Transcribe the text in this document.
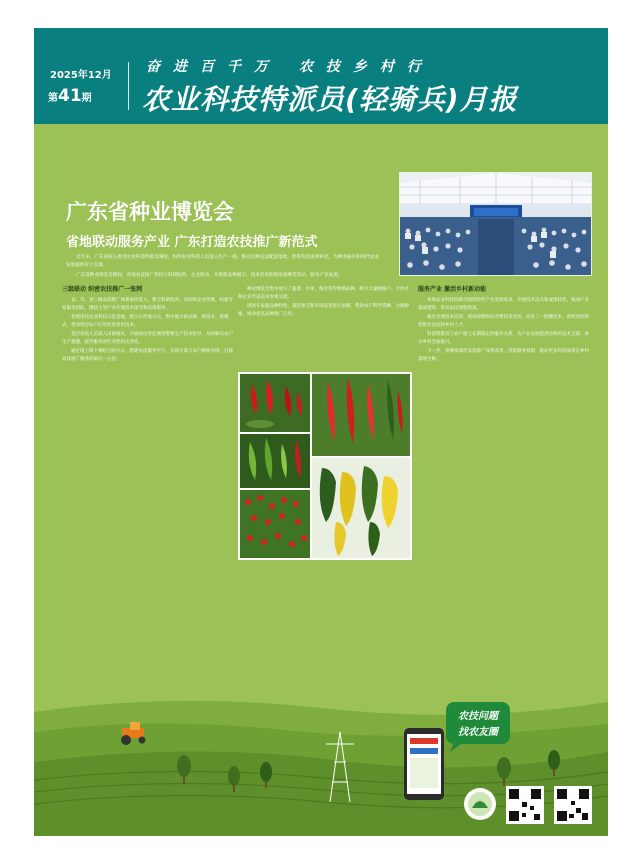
2025年12月
第41期
奋进百千万 农技乡村行
农业科技特派员(轻骑兵)月报
广东省种业博览会
省地联动服务产业 广东打造农技推广新范式

近年来，广东省深入推进农业科技特派员制度，组织农业科技人员深入生产一线，推动良种良法配套落地，促进科技成果转化，为种业振兴和现代农业发展提供有力支撑。

广东省种业博览会期间，各地农技推广机构与科研院所、企业联动，开展新品种展示、技术咨询和现场观摩等活动，服务产业发展。

三级联动 织密农技推广一张网

省、市、县三级农技推广体系协同发力，整合科研院所、高校和企业资源，组建专家服务团队，围绕主导产业开展技术指导和培训服务。

各地依托农业科技示范基地，建立示范展示点，集中展示新品种、新技术、新模式，带动周边农户应用先进适用技术。

基层农技人员深入田间地头，开展病虫害监测预警和生产技术指导，及时解决农户生产难题，提升服务的针对性和实效性。

通过线上线下相结合的方式，搭建农技服务平台，实现专家与农户精准对接，打通农技推广服务的最后一公里。

种业博览会集中展示了蔬菜、水果、粮食等作物新品种，吸引大量种植户、合作社和企业代表前来参观交流。

现场专家就品种特性、栽培要点和市场前景进行讲解，帮助农户科学选种、合理种植，推动优良品种推广应用。

服务产业 激活乡村新动能

各地农业科技特派员围绕特色产业发展需求，开展技术攻关和成果转化，推动产业提质增效，带动农民增收致富。

通过开展技术培训、现场观摩和结对帮扶等活动，培育了一批懂技术、善经营的新型职业农民和乡村人才。

科技特派员与农户建立长期稳定的服务关系，为产业发展提供持续的技术支撑，助力乡村全面振兴。

下一步，将继续深化农技推广体系改革，创新服务机制，推动更多科技成果在乡村落地生根。

农技问题
找农友圈
